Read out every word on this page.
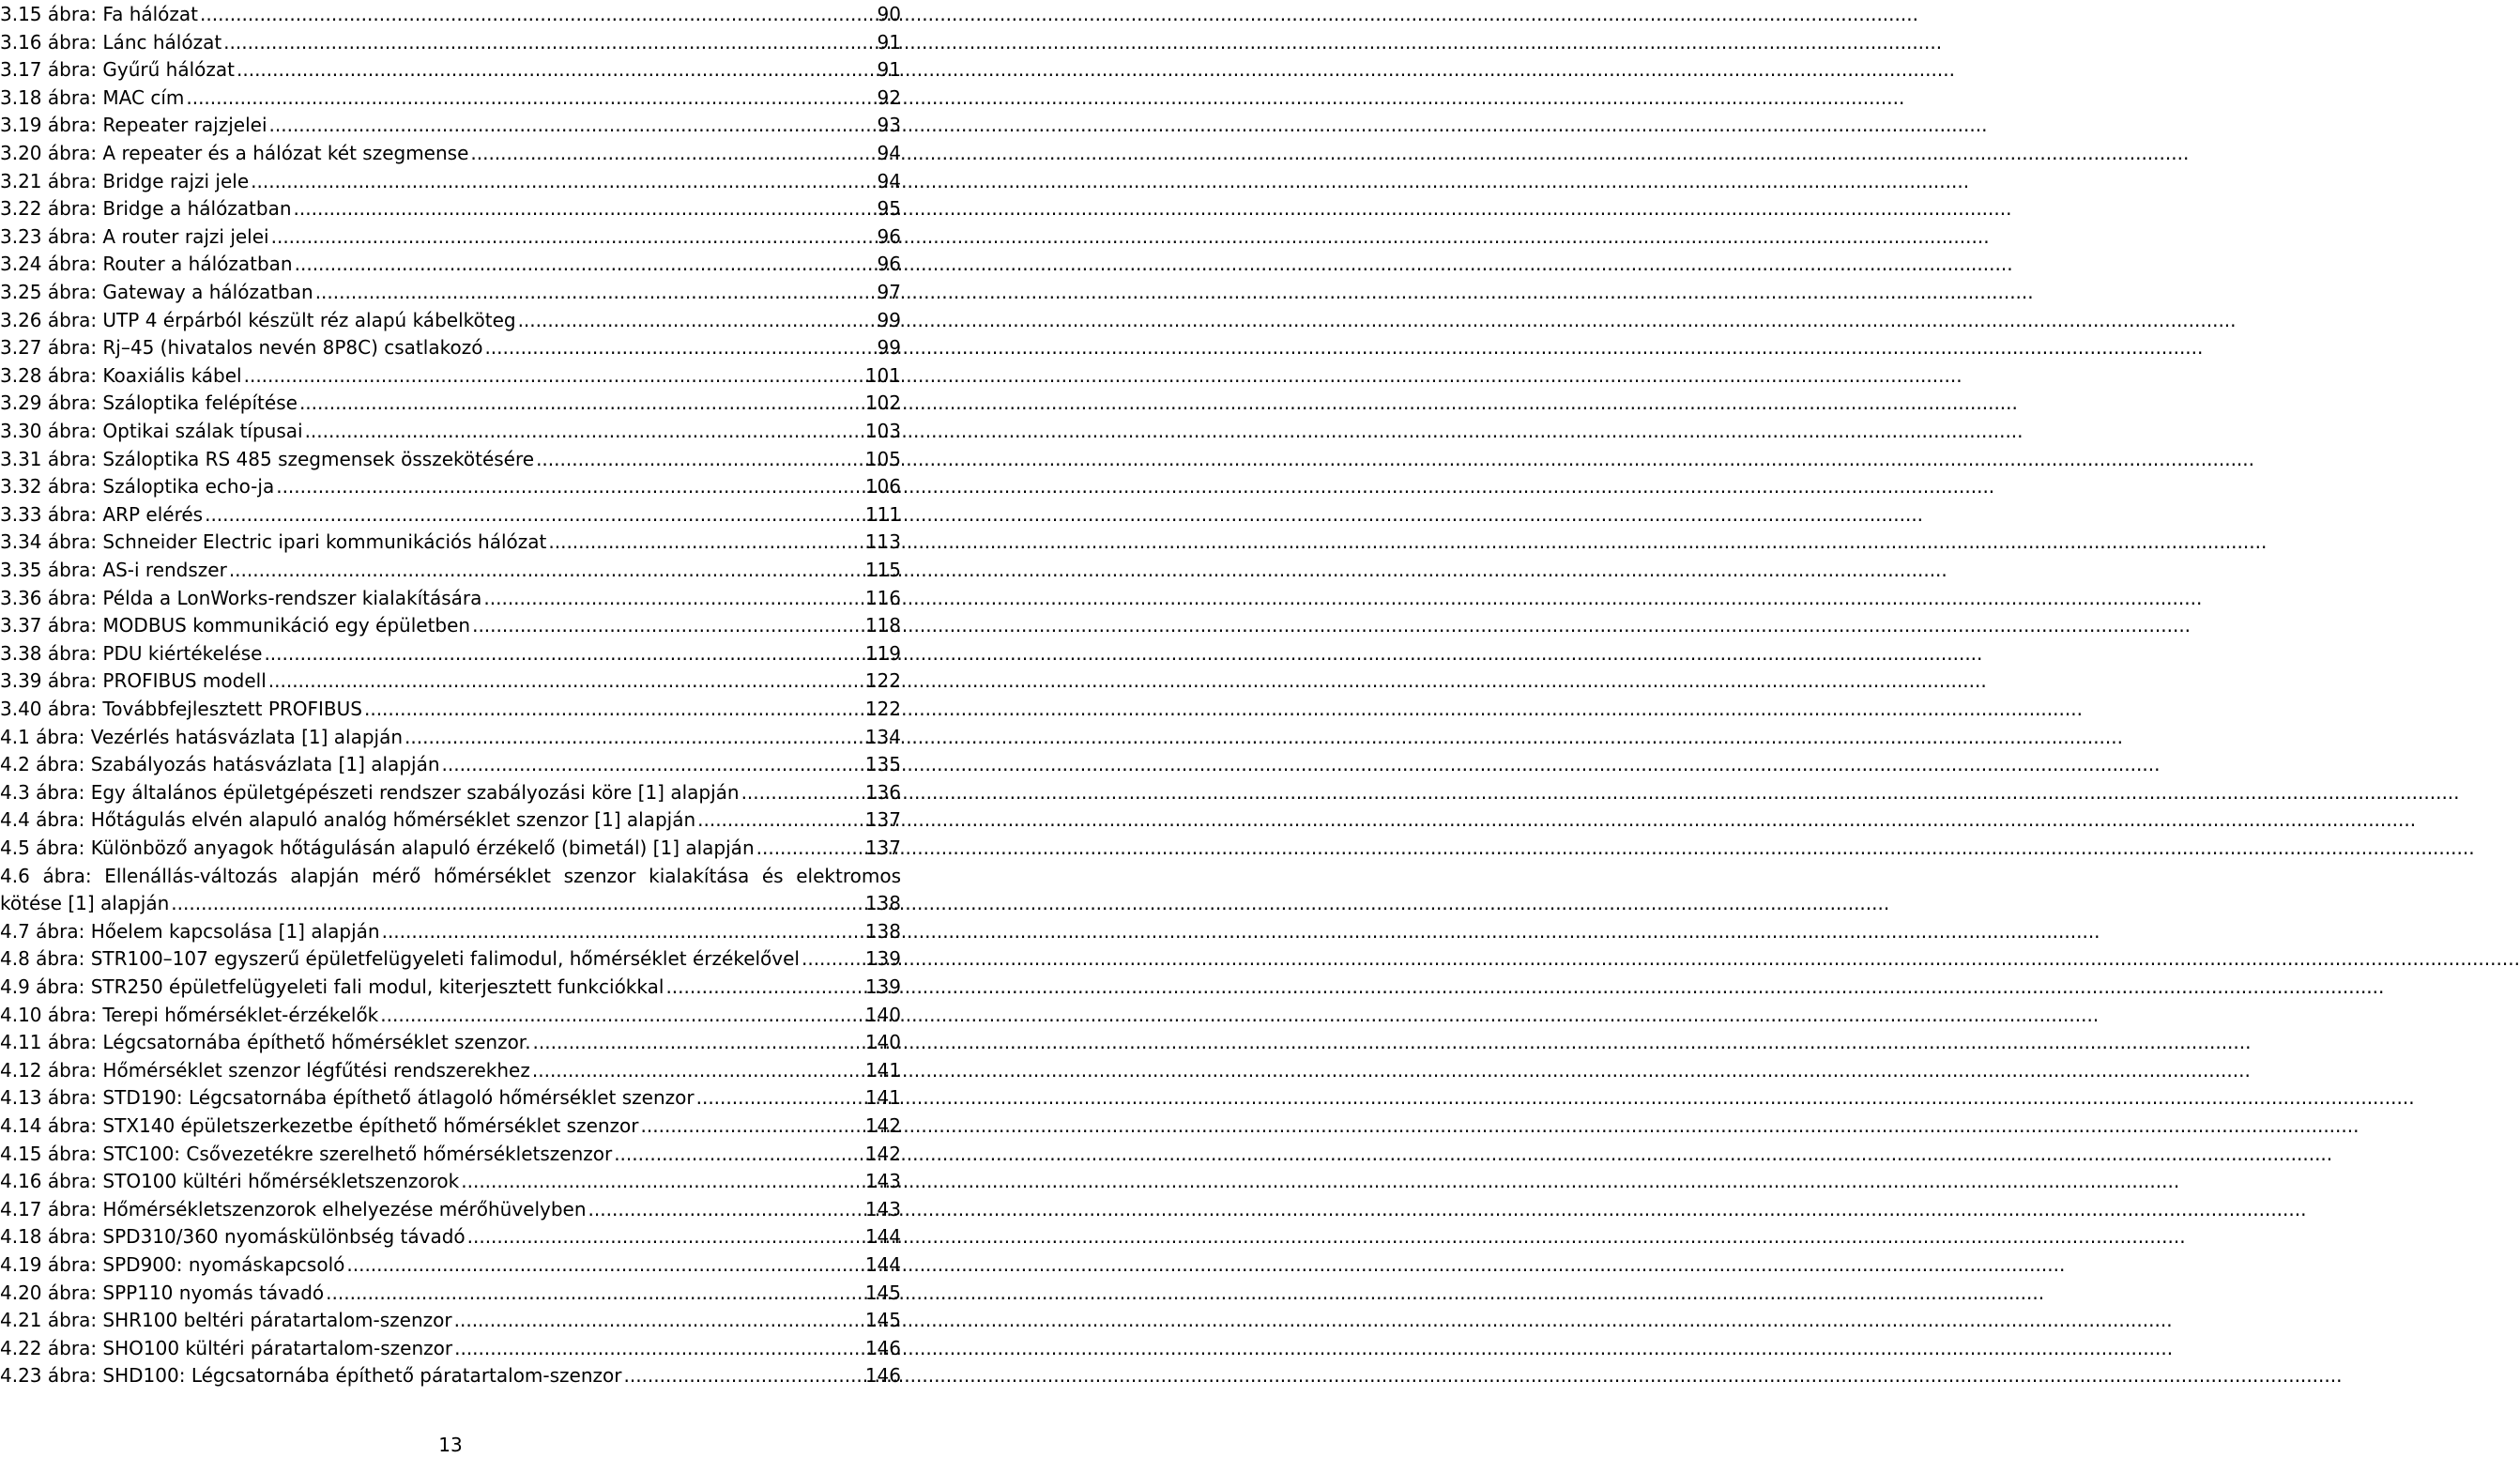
3.15 ábra: Fa hálózat .....	90
3.16 ábra: Lánc hálózat .....	91
3.17 ábra: Gyűrű hálózat .....	91
3.18 ábra: MAC cím .....	92
3.19 ábra: Repeater rajzjelei .....	93
3.20 ábra: A repeater és a hálózat két szegmense .....	94
3.21 ábra: Bridge rajzi jele .....	94
3.22 ábra: Bridge a hálózatban .....	95
3.23 ábra: A router rajzi jelei .....	96
3.24 ábra: Router a hálózatban .....	96
3.25 ábra: Gateway a hálózatban .....	97
3.26 ábra: UTP 4 érpárból készült réz alapú kábelköteg .....	99
3.27 ábra: Rj–45 (hivatalos nevén 8P8C) csatlakozó .....	99
3.28 ábra: Koaxiális kábel .....	101
3.29 ábra: Száloptika felépítése .....	102
3.30 ábra: Optikai szálak típusai .....	103
3.31 ábra: Száloptika RS 485 szegmensek összekötésére .....	105
3.32 ábra: Száloptika echo-ja .....	106
3.33 ábra: ARP elérés .....	111
3.34 ábra: Schneider Electric ipari kommunikációs hálózat .....	113
3.35 ábra: AS-i rendszer .....	115
3.36 ábra: Példa a LonWorks-rendszer kialakítására .....	116
3.37 ábra: MODBUS kommunikáció egy épületben .....	118
3.38 ábra: PDU kiértékelése .....	119
3.39 ábra: PROFIBUS modell .....	122
3.40 ábra: Továbbfejlesztett PROFIBUS .....	122
4.1 ábra: Vezérlés hatásvázlata [1] alapján .....	134
4.2 ábra: Szabályozás hatásvázlata [1] alapján .....	135
4.3 ábra: Egy általános épületgépészeti rendszer szabályozási köre [1] alapján .....	136
4.4 ábra: Hőtágulás elvén alapuló analóg hőmérséklet szenzor [1] alapján .....	137
4.5 ábra: Különböző anyagok hőtágulásán alapuló érzékelő (bimetál) [1] alapján .....	137
4.6 ábra: Ellenállás-változás alapján mérő hőmérséklet szenzor kialakítása és elektromos
kötése [1] alapján .....	138
4.7 ábra: Hőelem kapcsolása [1] alapján .....	138
4.8 ábra: STR100–107 egyszerű épületfelügyeleti falimodul, hőmérséklet érzékelővel .....	139
4.9 ábra: STR250 épületfelügyeleti fali modul, kiterjesztett funkciókkal .....	139
4.10 ábra: Terepi hőmérséklet-érzékelők .....	140
4.11 ábra: Légcsatornába építhető hőmérséklet szenzor. .....	140
4.12 ábra: Hőmérséklet szenzor légfűtési rendszerekhez .....	141
4.13 ábra: STD190: Légcsatornába építhető átlagoló hőmérséklet szenzor .....	141
4.14 ábra: STX140 épületszerkezetbe építhető hőmérséklet szenzor .....	142
4.15 ábra: STC100: Csővezetékre szerelhető hőmérsékletszenzor .....	142
4.16 ábra: STO100 kültéri hőmérsékletszenzorok .....	143
4.17 ábra: Hőmérsékletszenzorok elhelyezése mérőhüvelyben .....	143
4.18 ábra: SPD310/360 nyomáskülönbség távadó .....	144
4.19 ábra: SPD900: nyomáskapcsoló .....	144
4.20 ábra: SPP110 nyomás távadó .....	145
4.21 ábra: SHR100 beltéri páratartalom-szenzor .....	145
4.22 ábra: SHO100 kültéri páratartalom-szenzor .....	146
4.23 ábra: SHD100: Légcsatornába építhető páratartalom-szenzor .....	146
13
